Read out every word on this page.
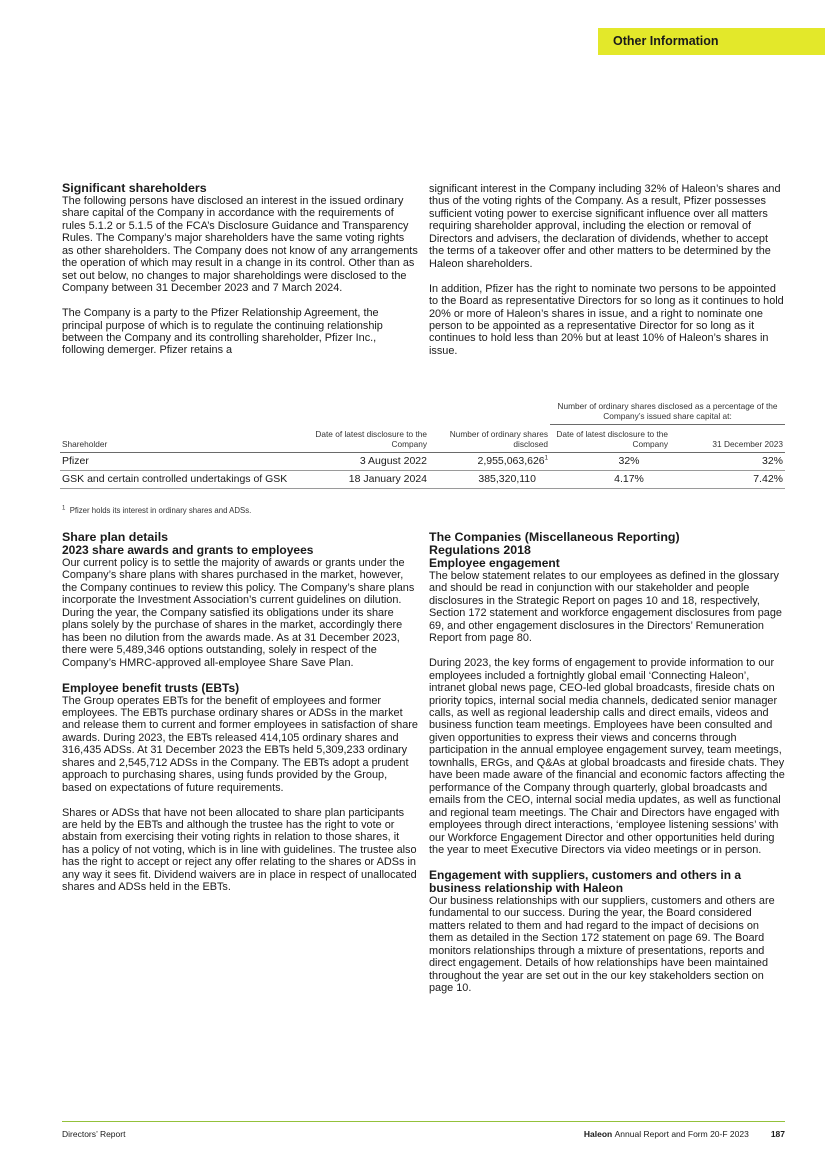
Other Information
Significant shareholders

The following persons have disclosed an interest in the issued ordinary share capital of the Company in accordance with the requirements of rules 5.1.2 or 5.1.5 of the FCA’s Disclosure Guidance and Transparency Rules. The Company’s major shareholders have the same voting rights as other shareholders. The Company does not know of any arrangements the operation of which may result in a change in its control. Other than as set out below, no changes to major shareholdings were disclosed to the Company between 31 December 2023 and 7 March 2024.

The Company is a party to the Pfizer Relationship Agreement, the principal purpose of which is to regulate the continuing relationship between the Company and its controlling shareholder, Pfizer Inc., following demerger. Pfizer retains a

significant interest in the Company including 32% of Haleon’s shares and thus of the voting rights of the Company. As a result, Pfizer possesses sufficient voting power to exercise significant influence over all matters requiring shareholder approval, including the election or removal of Directors and advisers, the declaration of dividends, whether to accept the terms of a takeover offer and other matters to be determined by the Haleon shareholders.

In addition, Pfizer has the right to nominate two persons to be appointed to the Board as representative Directors for so long as it continues to hold 20% or more of Haleon’s shares in issue, and a right to nominate one person to be appointed as a representative Director for so long as it continues to hold less than 20% but at least 10% of Haleon’s shares in issue.

			Number of ordinary shares disclosed as a percentage of the Company’s issued share capital at:	
Shareholder	Date of latest disclosure to the Company	Number of ordinary shares disclosed	Date of latest disclosure to the Company	31 December 2023
Pfizer	3 August 2022	2,955,063,626$^1$	32%	32%
GSK and certain controlled undertakings of GSK	18 January 2024	385,320,110	4.17%	7.42%
$^1$ Pfizer holds its interest in ordinary shares and ADSs.
Share plan details
2023 share awards and grants to employees

Our current policy is to settle the majority of awards or grants under the Company’s share plans with shares purchased in the market, however, the Company continues to review this policy. The Company’s share plans incorporate the Investment Association’s current guidelines on dilution. During the year, the Company satisfied its obligations under its share plans solely by the purchase of shares in the market, accordingly there has been no dilution from the awards made. As at 31 December 2023, there were 5,489,346 options outstanding, solely in respect of the Company’s HMRC-approved all-employee Share Save Plan.

Employee benefit trusts (EBTs)

The Group operates EBTs for the benefit of employees and former employees. The EBTs purchase ordinary shares or ADSs in the market and release them to current and former employees in satisfaction of share awards. During 2023, the EBTs released 414,105 ordinary shares and 316,435 ADSs. At 31 December 2023 the EBTs held 5,309,233 ordinary shares and 2,545,712 ADSs in the Company. The EBTs adopt a prudent approach to purchasing shares, using funds provided by the Group, based on expectations of future requirements.

Shares or ADSs that have not been allocated to share plan participants are held by the EBTs and although the trustee has the right to vote or abstain from exercising their voting rights in relation to those shares, it has a policy of not voting, which is in line with guidelines. The trustee also has the right to accept or reject any offer relating to the shares or ADSs in any way it sees fit. Dividend waivers are in place in respect of unallocated shares and ADSs held in the EBTs.

The Companies (Miscellaneous Reporting) Regulations 2018
Employee engagement

The below statement relates to our employees as defined in the glossary and should be read in conjunction with our stakeholder and people disclosures in the Strategic Report on pages 10 and 18, respectively, Section 172 statement and workforce engagement disclosures from page 69, and other engagement disclosures in the Directors’ Remuneration Report from page 80.

During 2023, the key forms of engagement to provide information to our employees included a fortnightly global email ‘Connecting Haleon’, intranet global news page, CEO-led global broadcasts, fireside chats on priority topics, internal social media channels, dedicated senior manager calls, as well as regional leadership calls and direct emails, videos and business function team meetings. Employees have been consulted and given opportunities to express their views and concerns through participation in the annual employee engagement survey, team meetings, townhalls, ERGs, and Q&As at global broadcasts and fireside chats. They have been made aware of the financial and economic factors affecting the performance of the Company through quarterly, global broadcasts and emails from the CEO, internal social media updates, as well as functional and regional team meetings. The Chair and Directors have engaged with employees through direct interactions, ‘employee listening sessions’ with our Workforce Engagement Director and other opportunities held during the year to meet Executive Directors via video meetings or in person.

Engagement with suppliers, customers and others in a business relationship with Haleon

Our business relationships with our suppliers, customers and others are fundamental to our success. During the year, the Board considered matters related to them and had regard to the impact of decisions on them as detailed in the Section 172 statement on page 69. The Board monitors relationships through a mixture of presentations, reports and direct engagement. Details of how relationships have been maintained throughout the year are set out in the our key stakeholders section on page 10.

Directors’ Report	Haleon Annual Report and Form 20-F 2023	187
